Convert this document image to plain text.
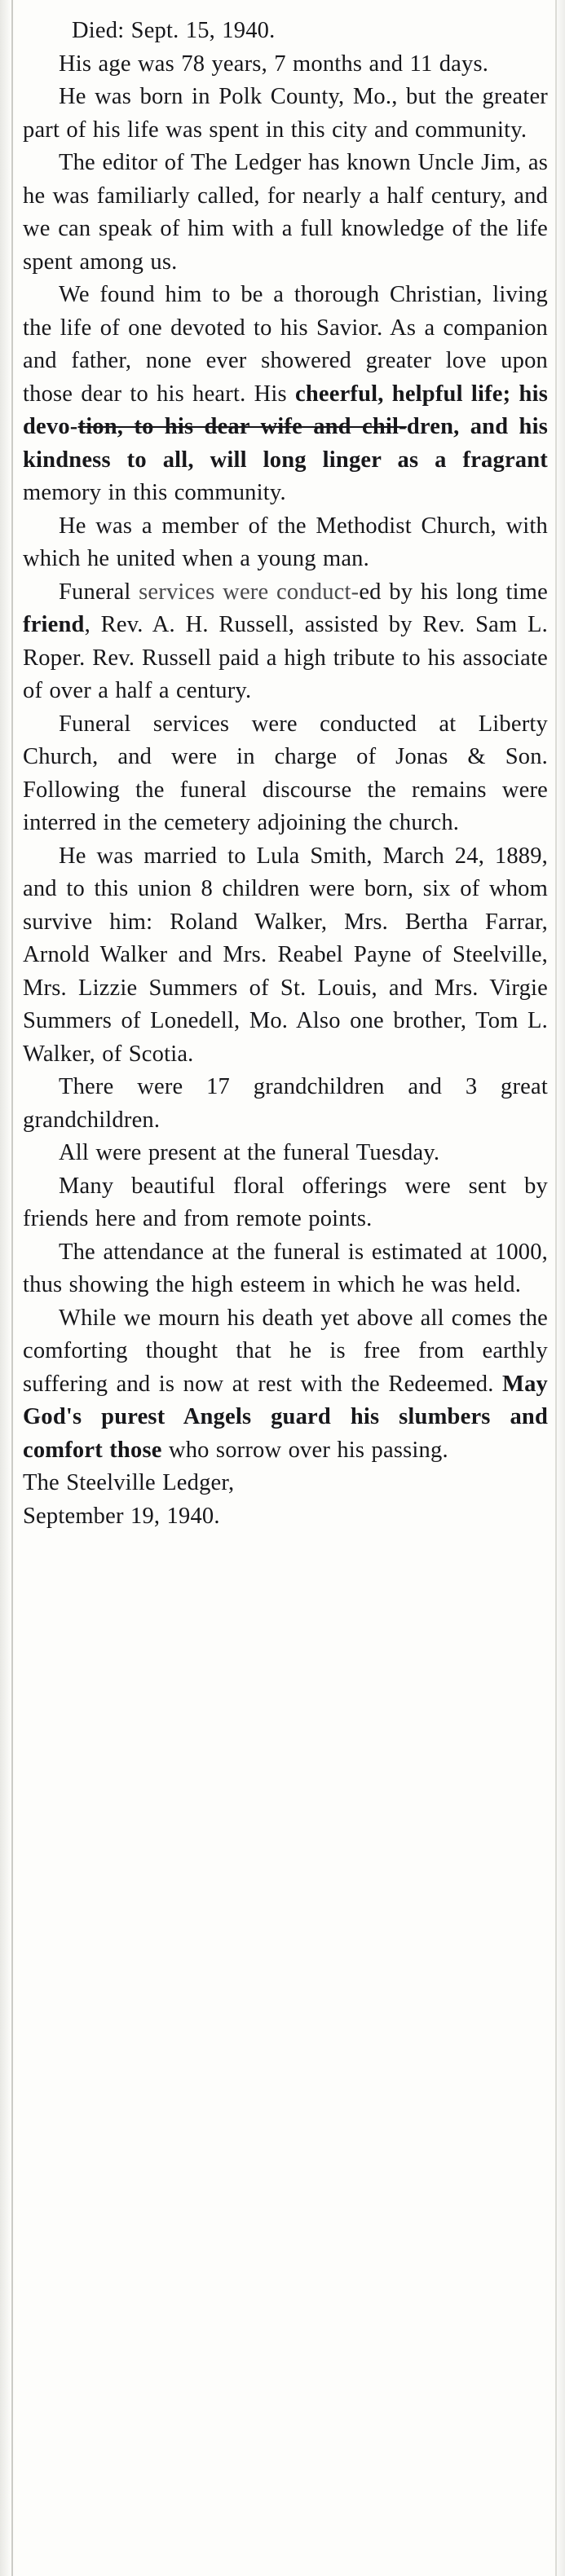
Died: Sept. 15, 1940.

His age was 78 years, 7 months and 11 days.

He was born in Polk County, Mo., but the greater part of his life was spent in this city and community.

The editor of The Ledger has known Uncle Jim, as he was familiarly called, for nearly a half century, and we can speak of him with a full knowledge of the life spent among us.

We found him to be a thorough Christian, living the life of one devoted to his Savior. As a companion and father, none ever showered greater love upon those dear to his heart. His cheerful, helpful life; his devo-tion, to his dear wife and chil-dren, and his kindness to all, will long linger as a fragrant memory in this community.

He was a member of the Methodist Church, with which he united when a young man.

Funeral services were conduct-ed by his long time friend, Rev. A. H. Russell, assisted by Rev. Sam L. Roper. Rev. Russell paid a high tribute to his associate of over a half a century.

Funeral services were conducted at Liberty Church, and were in charge of Jonas & Son. Following the funeral discourse the remains were interred in the cemetery adjoining the church.

He was married to Lula Smith, March 24, 1889, and to this union 8 children were born, six of whom survive him: Roland Walker, Mrs. Bertha Farrar, Arnold Walker and Mrs. Reabel Payne of Steelville, Mrs. Lizzie Summers of St. Louis, and Mrs. Virgie Summers of Lonedell, Mo. Also one brother, Tom L. Walker, of Scotia.

There were 17 grandchildren and 3 great grandchildren.

All were present at the funeral Tuesday.

Many beautiful floral offerings were sent by friends here and from remote points.

The attendance at the funeral is estimated at 1000, thus showing the high esteem in which he was held.

While we mourn his death yet above all comes the comforting thought that he is free from earthly suffering and is now at rest with the Redeemed. May God's purest Angels guard his slumbers and comfort those who sorrow over his passing.

The Steelville Ledger,

September 19, 1940.
